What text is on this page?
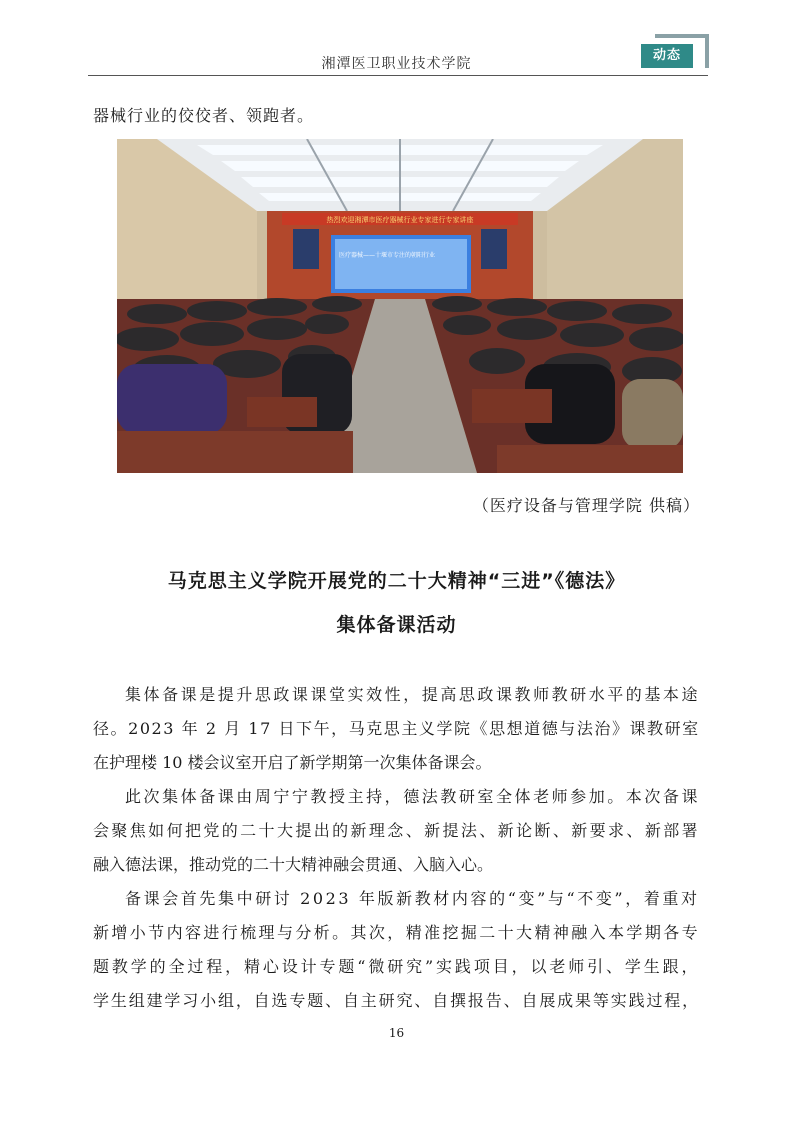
湘潭医卫职业技术学院
动态
器械行业的佼佼者、领跑者。
热烈欢迎湘潭市医疗器械行业专家进行专家讲座
医疗器械——十堰市专注的朝阳行业
（医疗设备与管理学院 供稿）
马克思主义学院开展党的二十大精神“三进”《德法》
集体备课活动
集体备课是提升思政课课堂实效性，提高思政课教师教研水平的基本途
径。2023 年 2 月 17 日下午，马克思主义学院《思想道德与法治》课教研室
在护理楼 10 楼会议室开启了新学期第一次集体备课会。
此次集体备课由周宁宁教授主持，德法教研室全体老师参加。本次备课
会聚焦如何把党的二十大提出的新理念、新提法、新论断、新要求、新部署
融入德法课，推动党的二十大精神融会贯通、入脑入心。
备课会首先集中研讨 2023 年版新教材内容的“变”与“不变”，着重对
新增小节内容进行梳理与分析。其次，精准挖掘二十大精神融入本学期各专
题教学的全过程，精心设计专题“微研究”实践项目，以老师引、学生跟，
学生组建学习小组，自选专题、自主研究、自撰报告、自展成果等实践过程，
16
